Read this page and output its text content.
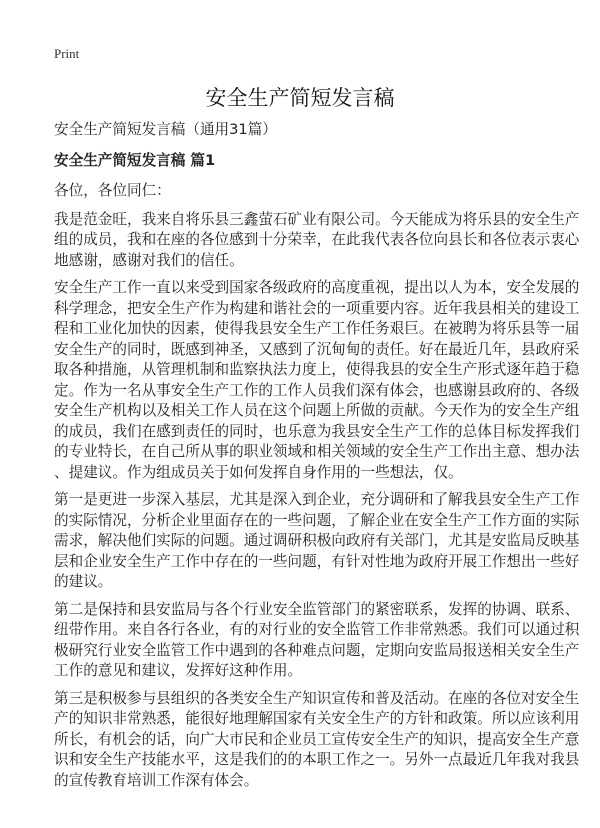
Print
安全生产简短发言稿
安全生产简短发言稿（通用31篇）
安全生产简短发言稿 篇1
各位，各位同仁：
我是范金旺，我来自将乐县三鑫萤石矿业有限公司。今天能成为将乐县的安全生产
组的成员，我和在座的各位感到十分荣幸，在此我代表各位向县长和各位表示衷心
地感谢，感谢对我们的信任。
安全生产工作一直以来受到国家各级政府的高度重视，提出以人为本，安全发展的
科学理念，把安全生产作为构建和谐社会的一项重要内容。近年我县相关的建设工
程和工业化加快的因素，使得我县安全生产工作任务艰巨。在被聘为将乐县等一届
安全生产的同时，既感到神圣，又感到了沉甸甸的责任。好在最近几年，县政府采
取各种措施，从管理机制和监察执法力度上，使得我县的安全生产形式逐年趋于稳
定。作为一名从事安全生产工作的工作人员我们深有体会，也感谢县政府的、各级
安全生产机构以及相关工作人员在这个问题上所做的贡献。今天作为的安全生产组
的成员，我们在感到责任的同时，也乐意为我县安全生产工作的总体目标发挥我们
的专业特长，在自己所从事的职业领域和相关领域的安全生产工作出主意、想办法
、提建议。作为组成员关于如何发挥自身作用的一些想法，仅。
第一是更进一步深入基层，尤其是深入到企业，充分调研和了解我县安全生产工作
的实际情况，分析企业里面存在的一些问题，了解企业在安全生产工作方面的实际
需求，解决他们实际的问题。通过调研积极向政府有关部门，尤其是安监局反映基
层和企业安全生产工作中存在的一些问题，有针对性地为政府开展工作想出一些好
的建议。
第二是保持和县安监局与各个行业安全监管部门的紧密联系，发挥的协调、联系、
纽带作用。来自各行各业，有的对行业的安全监管工作非常熟悉。我们可以通过积
极研究行业安全监管工作中遇到的各种难点问题，定期向安监局报送相关安全生产
工作的意见和建议，发挥好这种作用。
第三是积极参与县组织的各类安全生产知识宣传和普及活动。在座的各位对安全生
产的知识非常熟悉，能很好地理解国家有关安全生产的方针和政策。所以应该利用
所长，有机会的话，向广大市民和企业员工宣传安全生产的知识，提高安全生产意
识和安全生产技能水平，这是我们的的本职工作之一。另外一点最近几年我对我县
的宣传教育培训工作深有体会。
